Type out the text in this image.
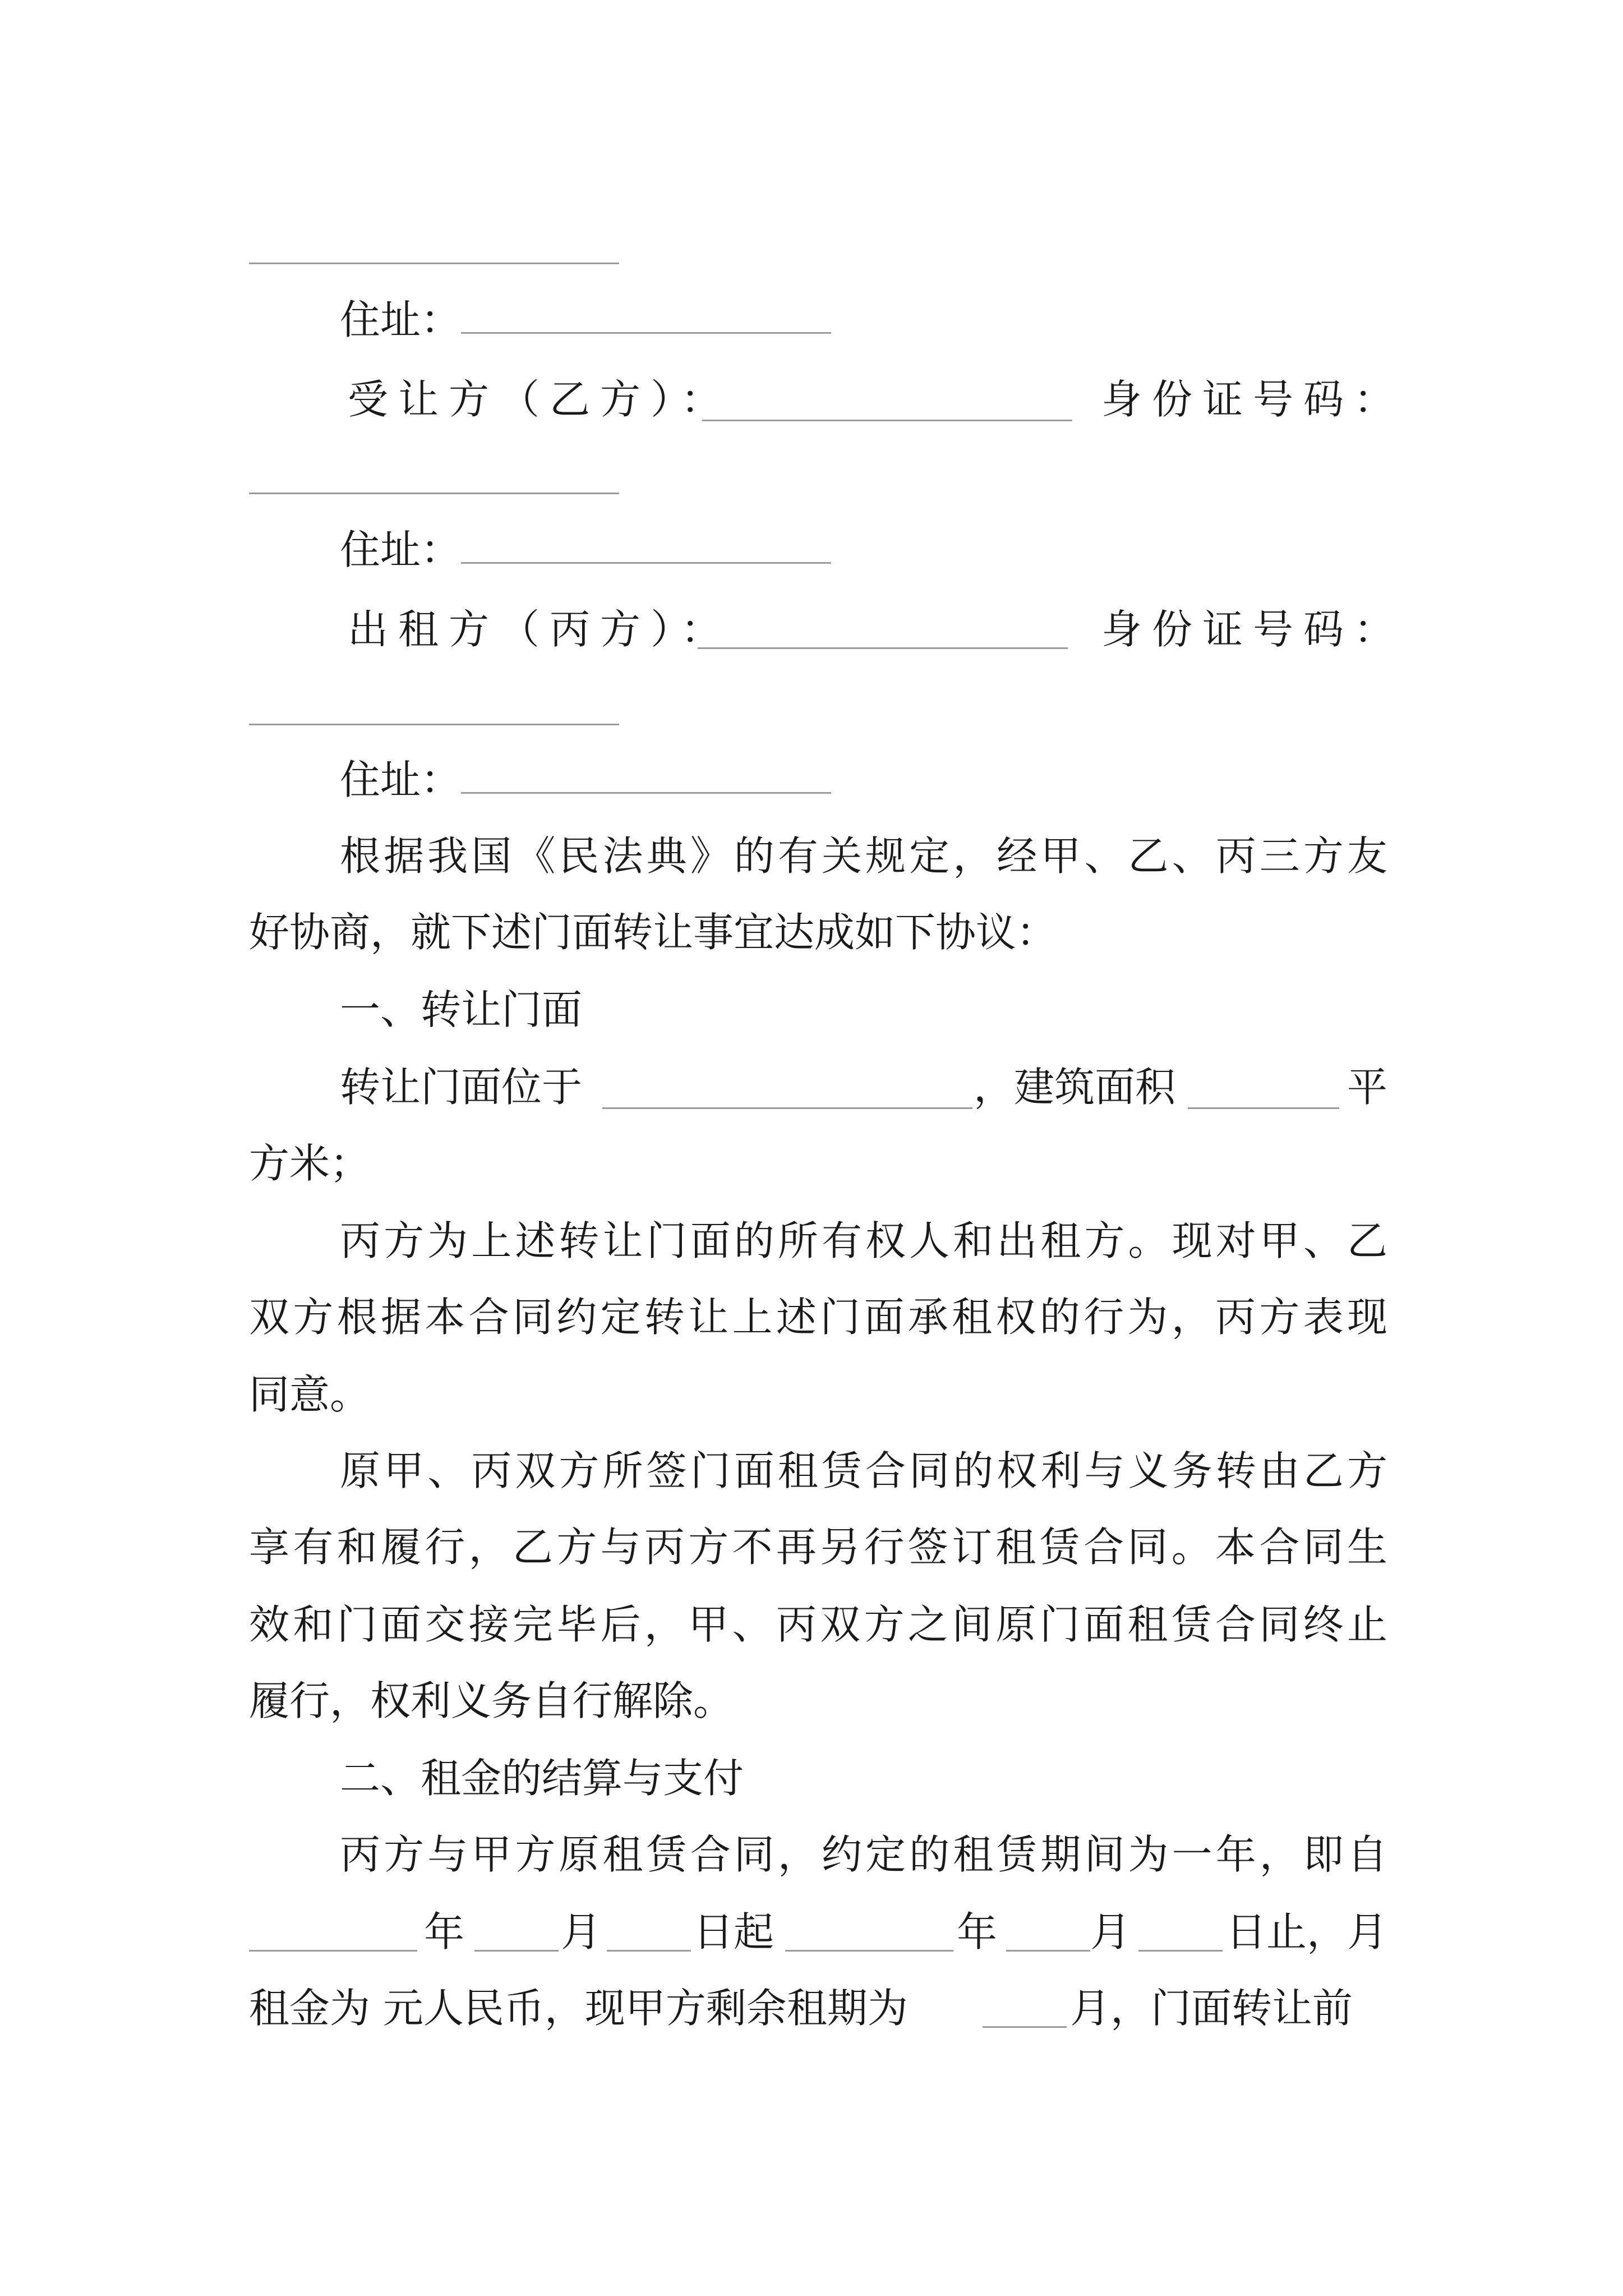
住址：
受让方（乙方）：	身份证号码：
住址：
出租方（丙方）：	身份证号码：
住址：
根据我国《民法典》的有关规定，经甲、乙、丙三方友
好协商，就下述门面转让事宜达成如下协议：
一、转让门面
转让门面位于	，建筑面积	平
方米；
丙方为上述转让门面的所有权人和出租方。现对甲、乙
双方根据本合同约定转让上述门面承租权的行为，丙方表现
同意。
原甲、丙双方所签门面租赁合同的权利与义务转由乙方
享有和履行，乙方与丙方不再另行签订租赁合同。本合同生
效和门面交接完毕后，甲、丙双方之间原门面租赁合同终止
履行，权利义务自行解除。
二、租金的结算与支付
丙方与甲方原租赁合同，约定的租赁期间为一年，即自
年 月 日起	年 月 日止，月
租金为 元人民币，现甲方剩余租期为	月，门面转让前
